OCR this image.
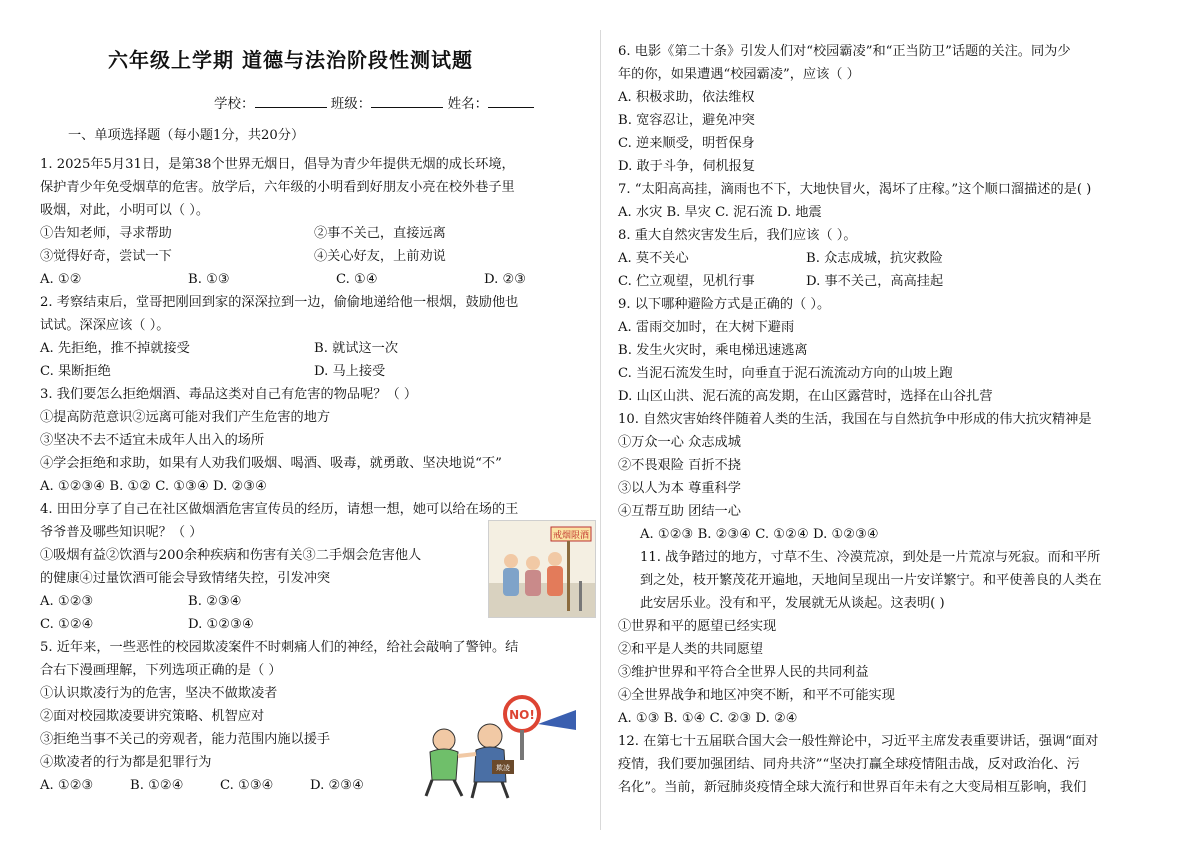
六年级上学期 道德与法治阶段性测试题
学校：	班级：	姓名：
一、单项选择题（每小题1分，共20分）
1. 2025年5月31日，是第38个世界无烟日，倡导为青少年提供无烟的成长环境，
保护青少年免受烟草的危害。放学后，六年级的小明看到好朋友小亮在校外巷子里
吸烟，对此，小明可以（ ）。
①告知老师，寻求帮助	②事不关己，直接远离
③觉得好奇，尝试一下	④关心好友，上前劝说
A. ①②	B. ①③	C. ①④	D. ②③
2. 考察结束后，堂哥把刚回到家的深深拉到一边，偷偷地递给他一根烟，鼓励他也
试试。深深应该（ ）。
A. 先拒绝，推不掉就接受	B. 就试这一次
C. 果断拒绝	D. 马上接受
3. 我们要怎么拒绝烟酒、毒品这类对自己有危害的物品呢？（ ）
①提高防范意识②远离可能对我们产生危害的地方
③坚决不去不适宜未成年人出入的场所
④学会拒绝和求助，如果有人劝我们吸烟、喝酒、吸毒，就勇敢、坚决地说“不”
A. ①②③④ B. ①② C. ①③④ D. ②③④
4. 田田分享了自己在社区做烟酒危害宣传员的经历，请想一想，她可以给在场的王
爷爷普及哪些知识呢？（ ）
①吸烟有益②饮酒与200余种疾病和伤害有关③二手烟会危害他人
的健康④过量饮酒可能会导致情绪失控，引发冲突
A. ①②③	B. ②③④
C. ①②④	D. ①②③④
5. 近年来，一些恶性的校园欺凌案件不时刺痛人们的神经，给社会敲响了警钟。结
合右下漫画理解，下列选项正确的是（ ）
①认识欺凌行为的危害，坚决不做欺凌者
②面对校园欺凌要讲究策略、机智应对
③拒绝当事不关己的旁观者，能力范围内施以援手
④欺凌者的行为都是犯罪行为
A. ①②③	B. ①②④	C. ①③④	D. ②③④
戒烟限酒
NO!
欺凌
6. 电影《第二十条》引发人们对“校园霸凌”和“正当防卫”话题的关注。同为少
年的你，如果遭遇“校园霸凌”，应该（ ）
A. 积极求助，依法维权
B. 宽容忍让，避免冲突
C. 逆来顺受，明哲保身
D. 敢于斗争，伺机报复
7. “太阳高高挂，滴雨也不下，大地快冒火，渴坏了庄稼。”这个顺口溜描述的是( )
A. 水灾 B. 旱灾 C. 泥石流 D. 地震
8. 重大自然灾害发生后，我们应该（ ）。
A. 莫不关心	B. 众志成城，抗灾救险
C. 伫立观望，见机行事	D. 事不关己，高高挂起
9. 以下哪种避险方式是正确的（ ）。
A. 雷雨交加时，在大树下避雨
B. 发生火灾时，乘电梯迅速逃离
C. 当泥石流发生时，向垂直于泥石流流动方向的山坡上跑
D. 山区山洪、泥石流的高发期，在山区露营时，选择在山谷扎营
10. 自然灾害始终伴随着人类的生活，我国在与自然抗争中形成的伟大抗灾精神是
①万众一心 众志成城
②不畏艰险 百折不挠
③以人为本 尊重科学
④互帮互助 团结一心
A. ①②③ B. ②③④ C. ①②④ D. ①②③④
11. 战争踏过的地方，寸草不生、冷漠荒凉，到处是一片荒凉与死寂。而和平所
到之处，枝开繁茂花开遍地，天地间呈现出一片安详繁宁。和平使善良的人类在
此安居乐业。没有和平，发展就无从谈起。这表明( )
①世界和平的愿望已经实现
②和平是人类的共同愿望
③维护世界和平符合全世界人民的共同利益
④全世界战争和地区冲突不断，和平不可能实现
A. ①③ B. ①④ C. ②③ D. ②④
12. 在第七十五届联合国大会一般性辩论中，习近平主席发表重要讲话，强调“面对
疫情，我们要加强团结、同舟共济”“坚决打赢全球疫情阻击战，反对政治化、污
名化”。当前，新冠肺炎疫情全球大流行和世界百年未有之大变局相互影响，我们
